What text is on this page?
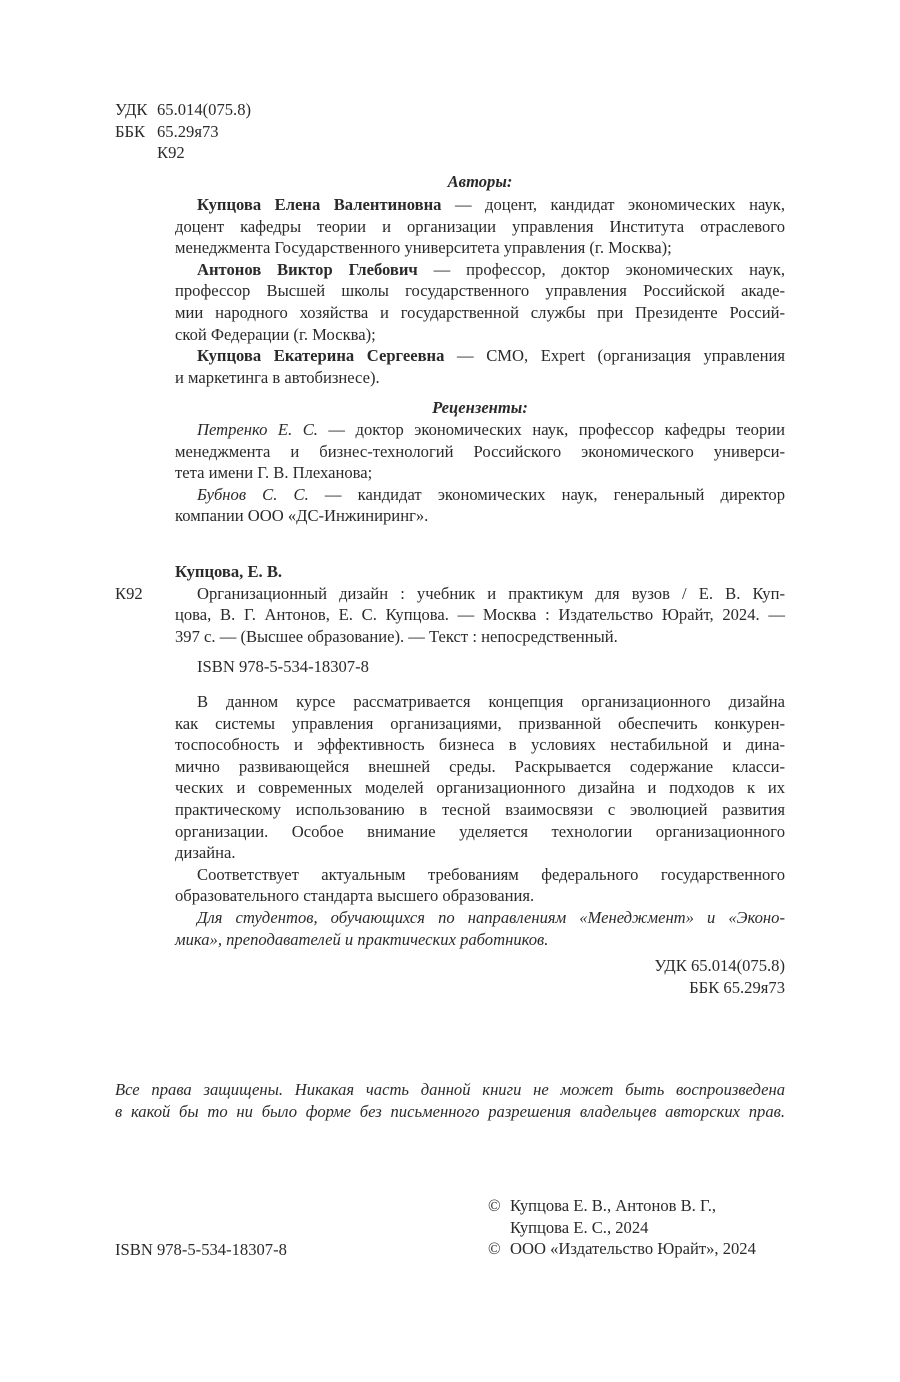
УДК 65.014(075.8)
ББК 65.29я73
К92
Авторы:
Купцова Елена Валентиновна — доцент, кандидат экономических наук,
доцент кафедры теории и организации управления Института отраслевого
менеджмента Государственного университета управления (г. Москва);
Антонов Виктор Глебович — профессор, доктор экономических наук,
профессор Высшей школы государственного управления Российской акаде-
мии народного хозяйства и государственной службы при Президенте Россий-
ской Федерации (г. Москва);
Купцова Екатерина Сергеевна — CMO, Expert (организация управления
и маркетинга в автобизнесе).
Рецензенты:
Петренко Е. С. — доктор экономических наук, профессор кафедры теории
менеджмента и бизнес-технологий Российского экономического универси-
тета имени Г. В. Плеханова;
Бубнов С. С. — кандидат экономических наук, генеральный директор
компании ООО «ДС-Инжиниринг».
Купцова, Е. В.
Организационный дизайн : учебник и практикум для вузов / Е. В. Куп-
цова, В. Г. Антонов, Е. С. Купцова. — Москва : Издательство Юрайт, 2024. —
397 с. — (Высшее образование). — Текст : непосредственный.
ISBN 978-5-534-18307-8
К92
В данном курсе рассматривается концепция организационного дизайна
как системы управления организациями, призванной обеспечить конкурен-
тоспособность и эффективность бизнеса в условиях нестабильной и дина-
мично развивающейся внешней среды. Раскрывается содержание класси-
ческих и современных моделей организационного дизайна и подходов к их
практическому использованию в тесной взаимосвязи с эволюцией развития
организации. Особое внимание уделяется технологии организационного
дизайна.
Соответствует актуальным требованиям федерального государственного
образовательного стандарта высшего образования.
Для студентов, обучающихся по направлениям «Менеджмент» и «Эконо-
мика», преподавателей и практических работников.
УДК 65.014(075.8)
ББК 65.29я73
Все права защищены. Никакая часть данной книги не может быть воспроизведена
в какой бы то ни было форме без письменного разрешения владельцев авторских прав.
ISBN 978-5-534-18307-8
© Купцова Е. В., Антонов В. Г.,
Купцова Е. С., 2024
© ООО «Издательство Юрайт», 2024
